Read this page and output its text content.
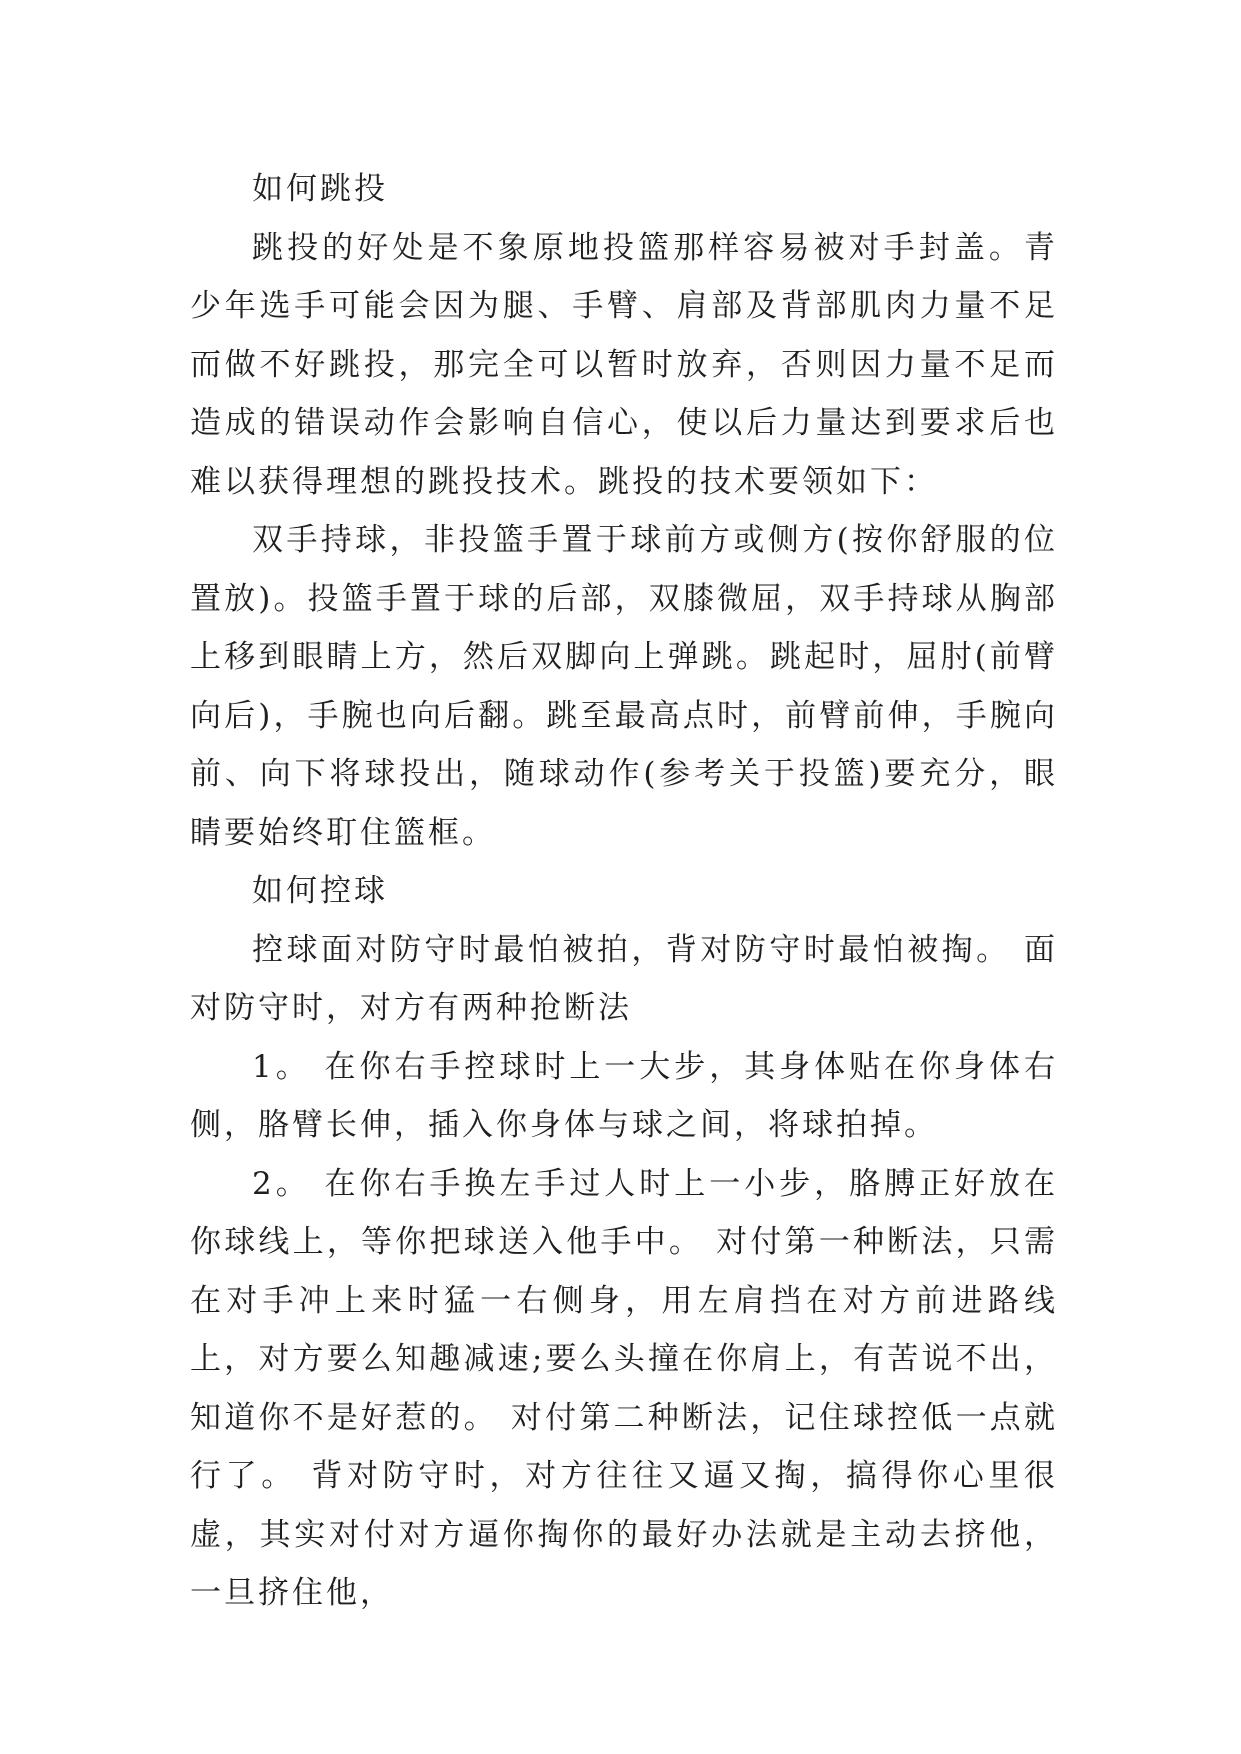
如何跳投

跳投的好处是不象原地投篮那样容易被对手封盖。青少年选手可能会因为腿、手臂、肩部及背部肌肉力量不足而做不好跳投，那完全可以暂时放弃，否则因力量不足而造成的错误动作会影响自信心，使以后力量达到要求后也难以获得理想的跳投技术。跳投的技术要领如下：

双手持球，非投篮手置于球前方或侧方(按你舒服的位置放)。投篮手置于球的后部，双膝微屈，双手持球从胸部上移到眼睛上方，然后双脚向上弹跳。跳起时，屈肘(前臂向后)，手腕也向后翻。跳至最高点时，前臂前伸，手腕向前、向下将球投出，随球动作(参考关于投篮)要充分，眼睛要始终耵住篮框。

如何控球

控球面对防守时最怕被拍，背对防守时最怕被掏。 面对防守时，对方有两种抢断法

1。 在你右手控球时上一大步，其身体贴在你身体右侧，胳臂长伸，插入你身体与球之间，将球拍掉。

2。 在你右手换左手过人时上一小步，胳膊正好放在你球线上，等你把球送入他手中。 对付第一种断法，只需在对手冲上来时猛一右侧身，用左肩挡在对方前进路线上，对方要么知趣减速;要么头撞在你肩上，有苦说不出，知道你不是好惹的。 对付第二种断法，记住球控低一点就行了。 背对防守时，对方往往又逼又掏，搞得你心里很虚，其实对付对方逼你掏你的最好办法就是主动去挤他，一旦挤住他，
